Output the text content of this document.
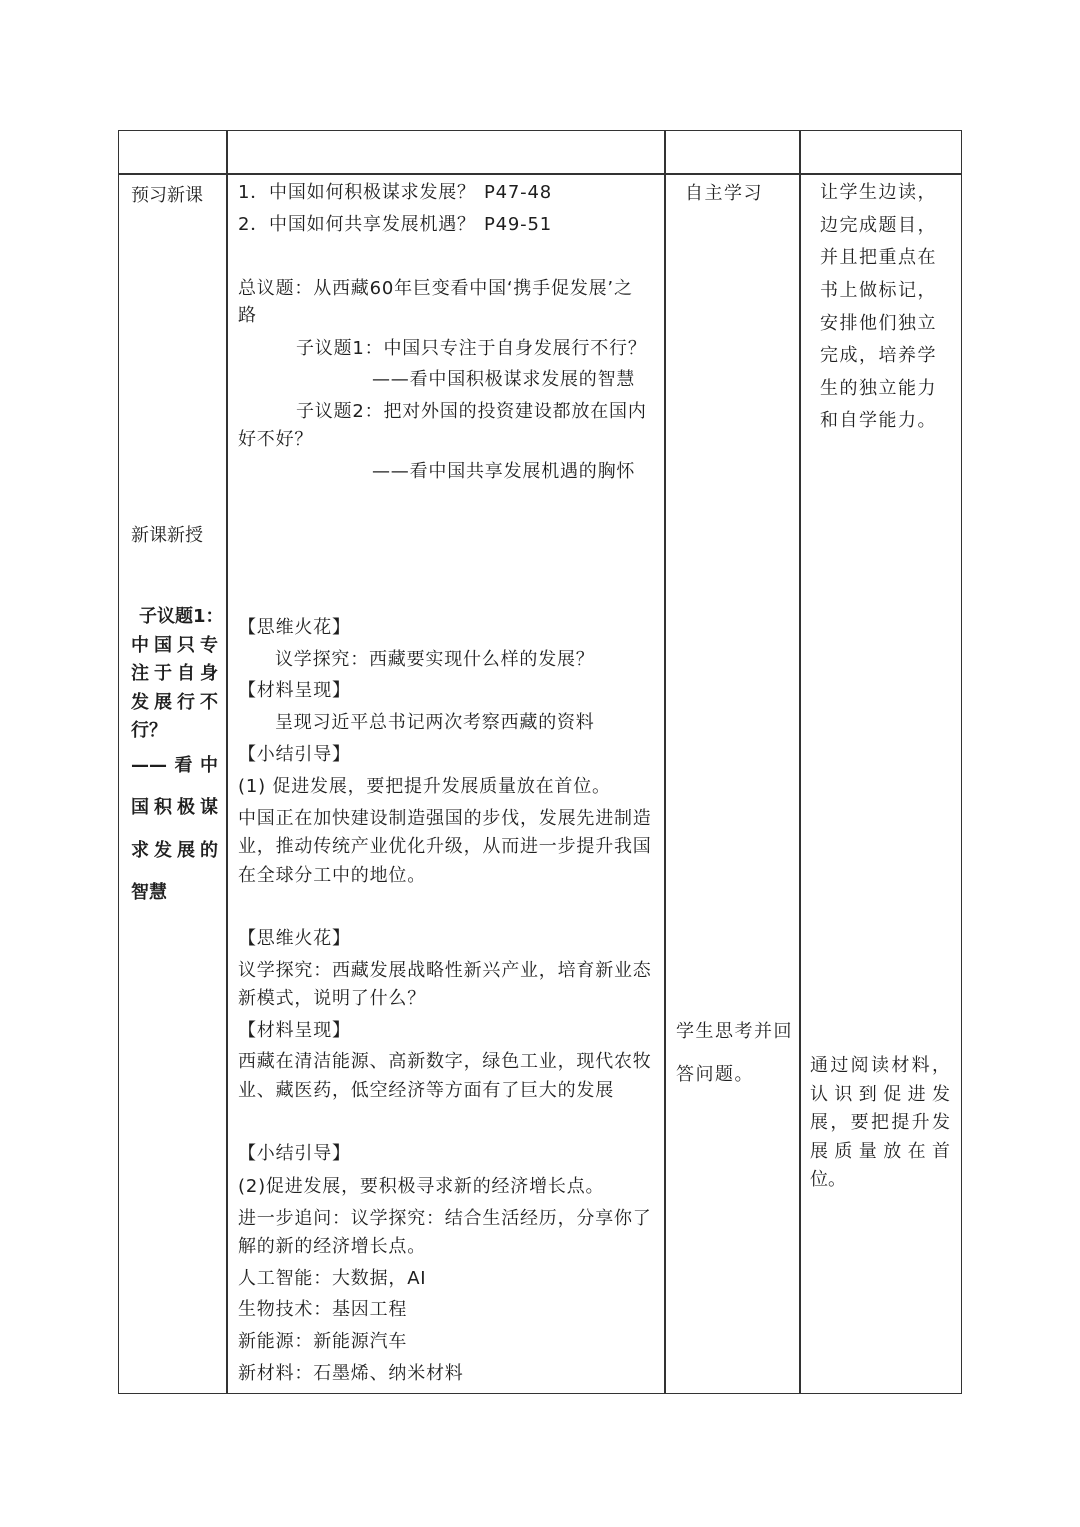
预习新课
新课新授
子议题1：
中国只专
注于自身
发展行不
行？
——看中
国积极谋
求发展的
智慧
1．中国如何积极谋求发展？ P47-48
2．中国如何共享发展机遇？ P49-51
总议题：从西藏60年巨变看中国‘携手促发展’之
路
子议题1：中国只专注于自身发展行不行？
——看中国积极谋求发展的智慧
子议题2：把对外国的投资建设都放在国内
好不好？
——看中国共享发展机遇的胸怀
【思维火花】
议学探究：西藏要实现什么样的发展？
【材料呈现】
呈现习近平总书记两次考察西藏的资料
【小结引导】
(1) 促进发展，要把提升发展质量放在首位。
中国正在加快建设制造强国的步伐，发展先进制造
业，推动传统产业优化升级，从而进一步提升我国
在全球分工中的地位。
【思维火花】
议学探究：西藏发展战略性新兴产业，培育新业态
新模式，说明了什么？
【材料呈现】
西藏在清洁能源、高新数字，绿色工业，现代农牧
业、藏医药，低空经济等方面有了巨大的发展
【小结引导】
(2)促进发展，要积极寻求新的经济增长点。
进一步追问：议学探究：结合生活经历，分享你了
解的新的经济增长点。
人工智能：大数据，AI
生物技术：基因工程
新能源：新能源汽车
新材料：石墨烯、纳米材料
自主学习
学生思考并回
答问题。
让学生边读，
边完成题目，
并且把重点在
书上做标记，
安排他们独立
完成，培养学
生的独立能力
和自学能力。
通过阅读材料，
认识到促进发
展，要把提升发
展质量放在首
位。
